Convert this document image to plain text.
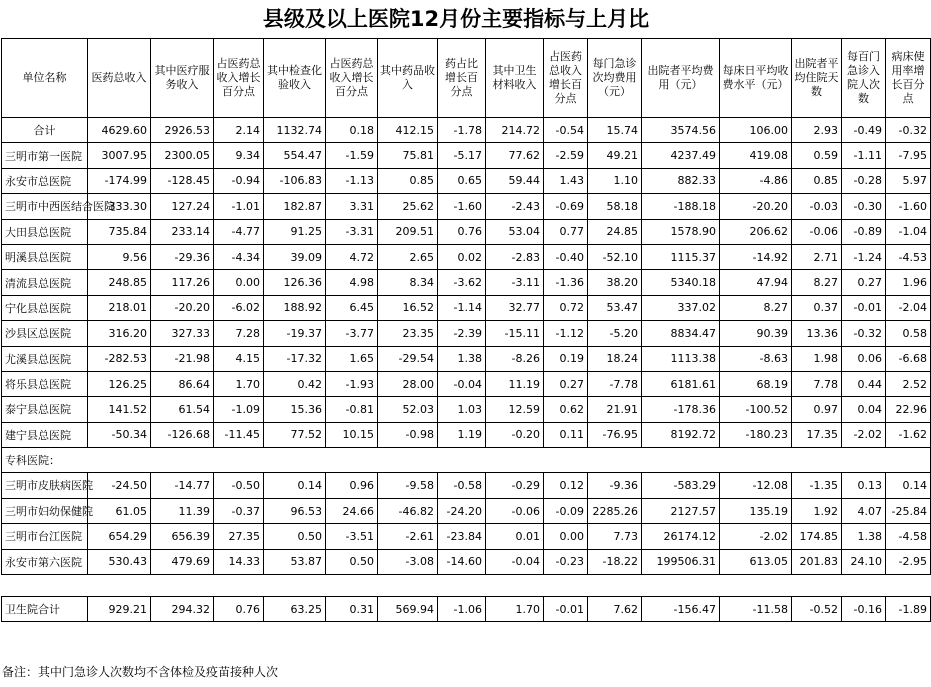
县级及以上医院12月份主要指标与上月比
单位名称	医药总收入	其中医疗服务收入	占医药总收入增长百分点	其中检查化验收入	占医药总收入增长百分点	其中药品收入	药占比增长百分点	其中卫生材料收入	占医药总收入增长百分点	每门急诊次均费用（元）	出院者平均费用（元）	每床日平均收费水平（元）	出院者平均住院天数	每百门急诊入院人次数	病床使用率增长百分点
合计	4629.60	2926.53	2.14	1132.74	0.18	412.15	-1.78	214.72	-0.54	15.74	3574.56	106.00	2.93	-0.49	-0.32
三明市第一医院	3007.95	2300.05	9.34	554.47	-1.59	75.81	-5.17	77.62	-2.59	49.21	4237.49	419.08	0.59	-1.11	-7.95
永安市总医院	-174.99	-128.45	-0.94	-106.83	-1.13	0.85	0.65	59.44	1.43	1.10	882.33	-4.86	0.85	-0.28	5.97
三明市中西医结合医院	333.30	127.24	-1.01	182.87	3.31	25.62	-1.60	-2.43	-0.69	58.18	-188.18	-20.20	-0.03	-0.30	-1.60
大田县总医院	735.84	233.14	-4.77	91.25	-3.31	209.51	0.76	53.04	0.77	24.85	1578.90	206.62	-0.06	-0.89	-1.04
明溪县总医院	9.56	-29.36	-4.34	39.09	4.72	2.65	0.02	-2.83	-0.40	-52.10	1115.37	-14.92	2.71	-1.24	-4.53
清流县总医院	248.85	117.26	0.00	126.36	4.98	8.34	-3.62	-3.11	-1.36	38.20	5340.18	47.94	8.27	0.27	1.96
宁化县总医院	218.01	-20.20	-6.02	188.92	6.45	16.52	-1.14	32.77	0.72	53.47	337.02	8.27	0.37	-0.01	-2.04
沙县区总医院	316.20	327.33	7.28	-19.37	-3.77	23.35	-2.39	-15.11	-1.12	-5.20	8834.47	90.39	13.36	-0.32	0.58
尤溪县总医院	-282.53	-21.98	4.15	-17.32	1.65	-29.54	1.38	-8.26	0.19	18.24	1113.38	-8.63	1.98	0.06	-6.68
将乐县总医院	126.25	86.64	1.70	0.42	-1.93	28.00	-0.04	11.19	0.27	-7.78	6181.61	68.19	7.78	0.44	2.52
泰宁县总医院	141.52	61.54	-1.09	15.36	-0.81	52.03	1.03	12.59	0.62	21.91	-178.36	-100.52	0.97	0.04	22.96
建宁县总医院	-50.34	-126.68	-11.45	77.52	10.15	-0.98	1.19	-0.20	0.11	-76.95	8192.72	-180.23	17.35	-2.02	-1.62
专科医院：															
三明市皮肤病医院	-24.50	-14.77	-0.50	0.14	0.96	-9.58	-0.58	-0.29	0.12	-9.36	-583.29	-12.08	-1.35	0.13	0.14
三明市妇幼保健院	61.05	11.39	-0.37	96.53	24.66	-46.82	-24.20	-0.06	-0.09	2285.26	2127.57	135.19	1.92	4.07	-25.84
三明市台江医院	654.29	656.39	27.35	0.50	-3.51	-2.61	-23.84	0.01	0.00	7.73	26174.12	-2.02	174.85	1.38	-4.58
永安市第六医院	530.43	479.69	14.33	53.87	0.50	-3.08	-14.60	-0.04	-0.23	-18.22	199506.31	613.05	201.83	24.10	-2.95

卫生院合计	929.21	294.32	0.76	63.25	0.31	569.94	-1.06	1.70	-0.01	7.62	-156.47	-11.58	-0.52	-0.16	-1.89
备注：其中门急诊人次数均不含体检及疫苗接种人次
